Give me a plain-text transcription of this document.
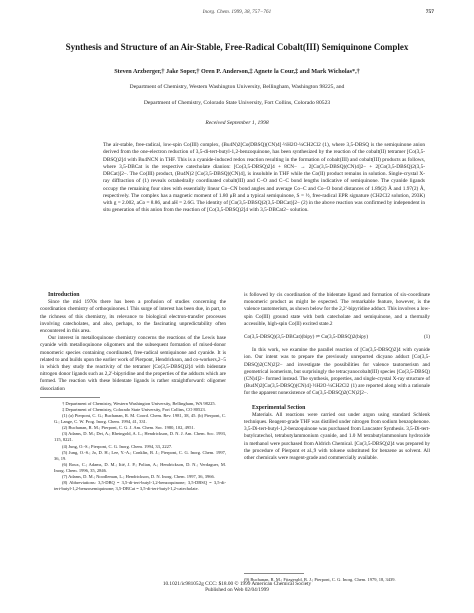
Inorg. Chem. 1999, 38, 757−761	757
Synthesis and Structure of an Air-Stable, Free-Radical Cobalt(III) Semiquinone Complex
Steven Arzberger,† Jake Soper,† Oren P. Anderson,‡ Agnete la Cour,‡ and Mark Wicholas*,†
Department of Chemistry, Western Washington University, Bellingham, Washington 98225, and
Department of Chemistry, Colorado State University, Fort Collins, Colorado 80523
Received September 1, 1998
The air-stable, free-radical, low-spin Co(III) complex, (Bu4N)2[Co(DBSQ)(CN)4]·½H2O·¼CH2Cl2 (1), where 3,5-DBSQ is the semiquinone anion derived from the one-electron reduction of 3,5-di-tert-butyl-1,2-benzoquinone, has been synthesized by the reaction of the cobalt(II) tetramer [Co(3,5-DBSQ)2]4 with Bu4NCN in THF. This is a cyanide-induced redox reaction resulting in the formation of cobalt(III) and cobalt(III) products as follows, where 3,5-DBCat is the respective catecholate dianion: [Co(3,5-DBSQ)2]4 + 8CN− → 2[Co(3,5-DBSQ)(CN)4]2− + 2[Co(3,5-DBSQ)2(3,5-DBCat)]2−. The Co(III) product, (Bu4N)2 [Co(3,5-DBSQ)(CN)4], is insoluble in THF while the Co(II) product remains in solution. Single-crystal X-ray diffraction of (1) reveals octahedrally coordinated cobalt(III) and C−O and C−C bond lengths indicative of semiquinone. The cyanide ligands occupy the remaining four sites with essentially linear Co−CN bond angles and average Co−C and Co−O bond distances of 1.89(2) Å and 1.97(2) Å, respectively. The complex has a magnetic moment of 1.80 μB and a typical semiquinone, S = ½, free-radical EPR signature (CH2Cl2 solution, 293K) with g = 2.002, aCo = 8.86, and aH = 2.6G. The identity of [Co(3,5-DBSQ)2(3,5-DBCat)]2− (2) in the above reaction was confirmed by independent in situ generation of this anion from the reaction of [Co(3,5-DBSQ)2]4 with 3,5-DBCat2− solution.

Introduction

Since the mid 1970s there has been a profusion of studies concerning the coordination chemistry of orthoquinones.1 This surge of interest has been due, in part, to the richness of this chemistry, its relevance to biological electron-transfer processes involving catecholates, and also, perhaps, to the fascinating unpredictability often encountered in this area.

Our interest in metalloquinone chemistry concerns the reactions of the Lewis base cyanide with metalloquinone oligomers and the subsequent formation of mixed-donor monomeric species containing coordinated, free-radical semiquinone and cyanide. It is related to and builds upon the earlier work of Pierpont, Hendrickson, and co-workers,2−5 in which they study the reactivity of the tetramer [Co(3,5-DBSQ)2]4 with bidentate nitrogen donor ligands such as 2,2′-bipyridine and the properties of the adducts which are formed. The reaction with these bidentate ligands is rather straightforward: oligomer dissociation

† Department of Chemistry, Western Washington University, Bellingham, WA 98225.

‡ Department of Chemistry, Colorado State University, Fort Collins, CO 80523.

(1) (a) Pierpont, C. G.; Buchanan, R. M. Coord. Chem. Rev. 1981, 38, 45. (b) Pierpont, C. G.; Lange, C. W. Prog. Inorg. Chem. 1994, 41, 331.

(2) Buchanan, R. M.; Pierpont, C. G. J. Am. Chem. Soc. 1980, 102, 4951.

(3) Adams, D. M.; Dei, A.; Rheingold, A. L.; Hendrickson, D. N. J. Am. Chem. Soc. 1993, 115, 8221.

(4) Jung, O.-S.; Pierpont, C. G. Inorg. Chem. 1994, 33, 2227.

(5) Jung, O.-S.; Jo, D. H.; Lee, Y.-A.; Conklin, B. J.; Pierpont, C. G. Inorg. Chem. 1997, 36, 19.

(6) Roux, C.; Adams, D. M.; Itié, J. P.; Polian, A.; Hendrickson, D. N.; Verdaguer, M. Inorg. Chem. 1996, 35, 2846.

(7) Adams, D. M.; Noodleman, L.; Hendrickson, D. N. Inorg. Chem. 1997, 36, 3966.

(8) Abbreviations: 3,5-DBQ = 3,5-di-tert-butyl-1,2-benzoquinone; 3,5-DBSQ = 3,5-di-tert-butyl-1,2-benzosemiquinone; 3,5-DBCat = 3,5-di-tert-butyl-1,2-catecholate.

is followed by cis coordination of the bidentate ligand and formation of six-coordinate monomeric product as might be expected. The remarkable feature, however, is the valence tautomerism, as shown below for the 2,2′-bipyridine adduct. This involves a low-spin Co(III) ground state with both catecholate and semiquinone, and a thermally accessible, high-spin Co(II) excited state.2

Co(3,5-DBSQ)(3,5-DBCat)(bipy) ⇌ Co(3,5-DBSQ)2(bipy)	(1)

In this work, we examine the parallel reaction of [Co(3,5-DBSQ)2]4 with cyanide ion. Our intent was to prepare the previously unreported dicyano adduct [Co(3,5-DBSQ)2(CN)2]2− and investigate the possibilities for valence tautomerism and geometrical isomerism, but surprisingly the tetracyanocobalt(III) species [Co(3,5-DBSQ)(CN)4]2− formed instead. The synthesis, properties, and single-crystal X-ray structure of (Bu4N)2[Co(3,5-DBSQ)(CN)4]·½H2O·¼CH2Cl2 (1) are reported along with a rationale for the apparent nonexistence of Co(3,5-DBSQ)2(CN)2]2−.

Experimental Section

Materials. All reactions were carried out under argon using standard Schlenk techniques. Reagent-grade THF was distilled under nitrogen from sodium benzophenone. 3,5-Di-tert-butyl-1,2-benzoquinone was purchased from Lancaster Synthesis. 3,5-Di-tert-butylcatechol, tetrabutylammonium cyanide, and 1.0 M tetrabutylammonium hydroxide in methanol were purchased from Aldrich Chemical. [Co(3,5-DBSQ)2]4 was prepared by the procedure of Pierpont et al.,9 with toluene substituted for benzene as solvent. All other chemicals were reagent-grade and commercially available.

(9) Buchanan, R. M.; Fitzgerald, B. J.; Pierpont, C. G. Inorg. Chem. 1979, 18, 3439.

10.1021/ic981052g CCC: $18.00 © 1999 American Chemical Society
Published on Web 02/04/1999
